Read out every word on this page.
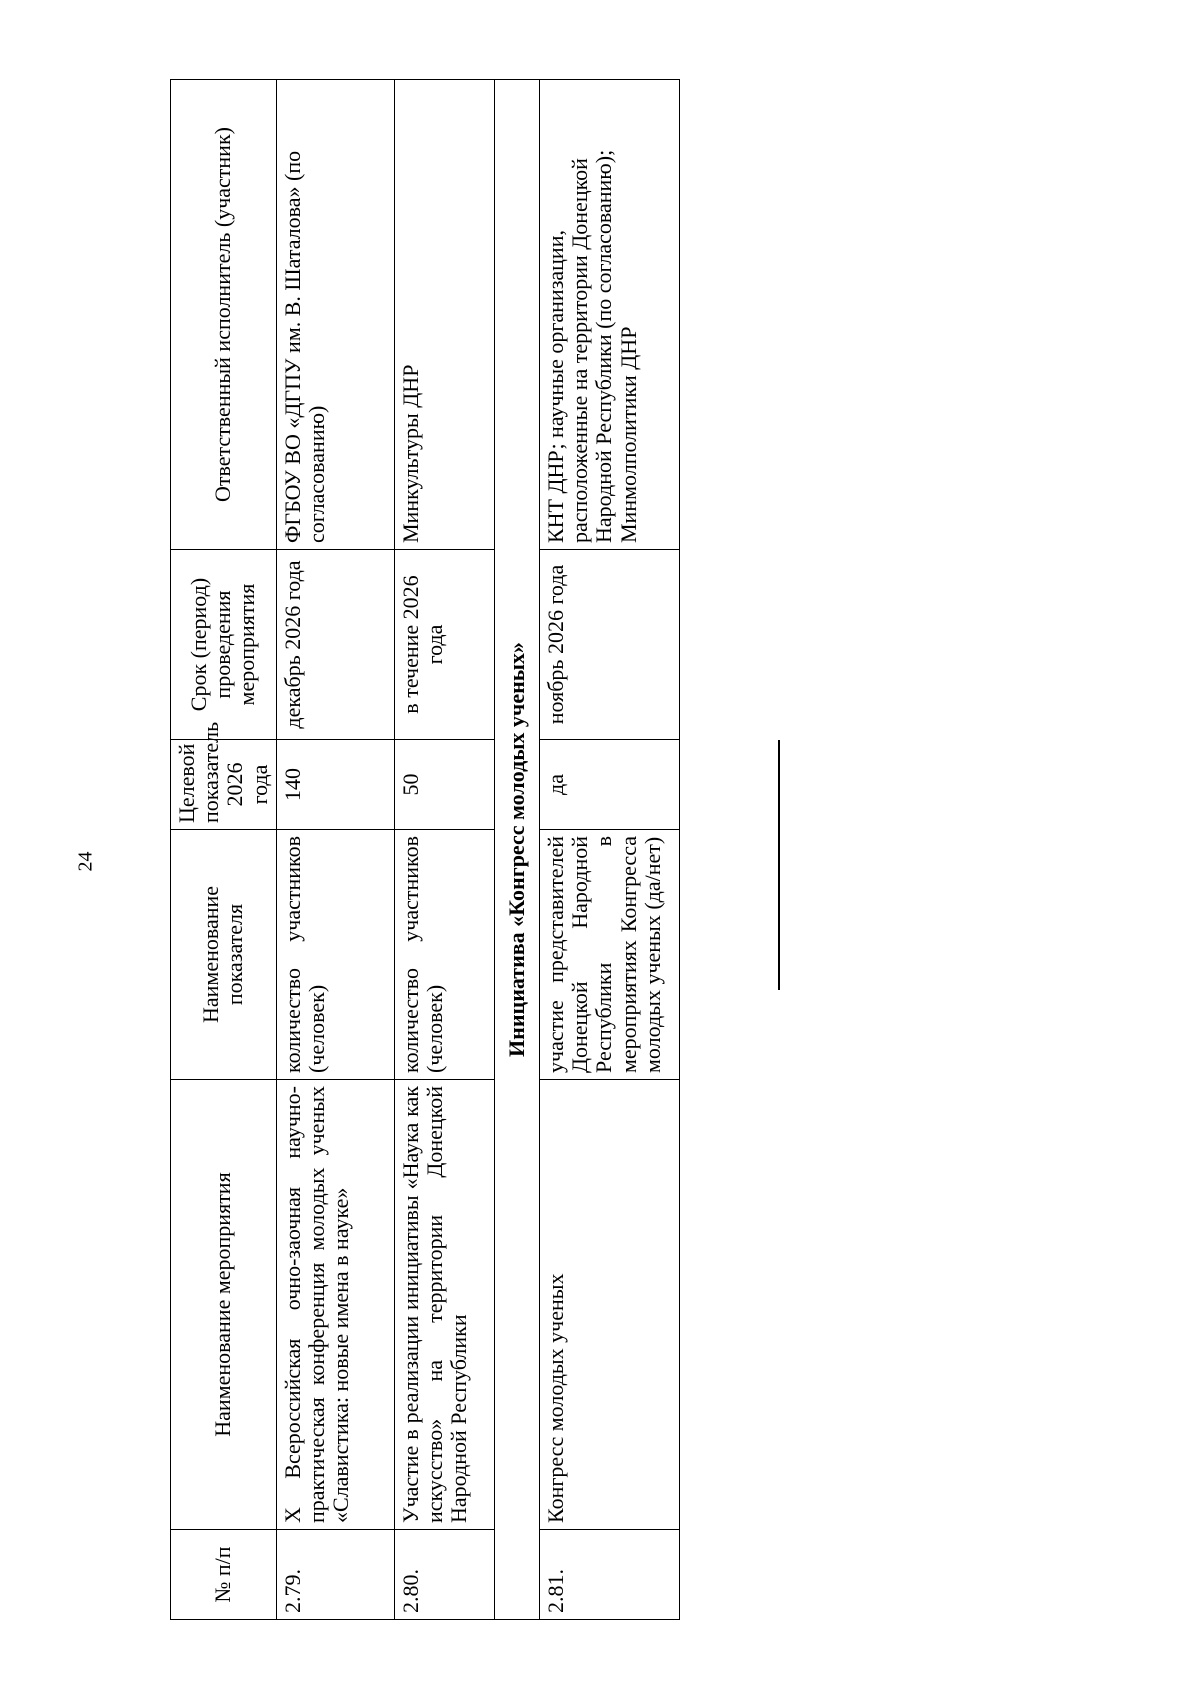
24
№ п/п	Наименование мероприятия	Наименование показателя	Целевой показатель 2026 года	Срок (период) проведения мероприятия	Ответственный исполнитель (участник)
2.79.	X Всероссийская очно-заочная научно-практическая конференция молодых ученых «Славистика: новые имена в науке»	количество участников (человек)	140	декабрь 2026 года	ФГБОУ ВО «ДГПУ им. В. Шаталова» (по согласованию)
2.80.	Участие в реализации инициативы «Наука как искусство» на территории Донецкой Народной Республики	количество участников (человек)	50	в течение 2026 года	Минкультуры ДНР
Инициатива «Конгресс молодых ученых»					
2.81.	Конгресс молодых ученых	участие представителей Донецкой Народной Республики в мероприятиях Конгресса молодых ученых (да/нет)	да	ноябрь 2026 года	КНТ ДНР; научные организации, расположенные на территории Донецкой Народной Республики (по согласованию); Минмолполитики ДНР
